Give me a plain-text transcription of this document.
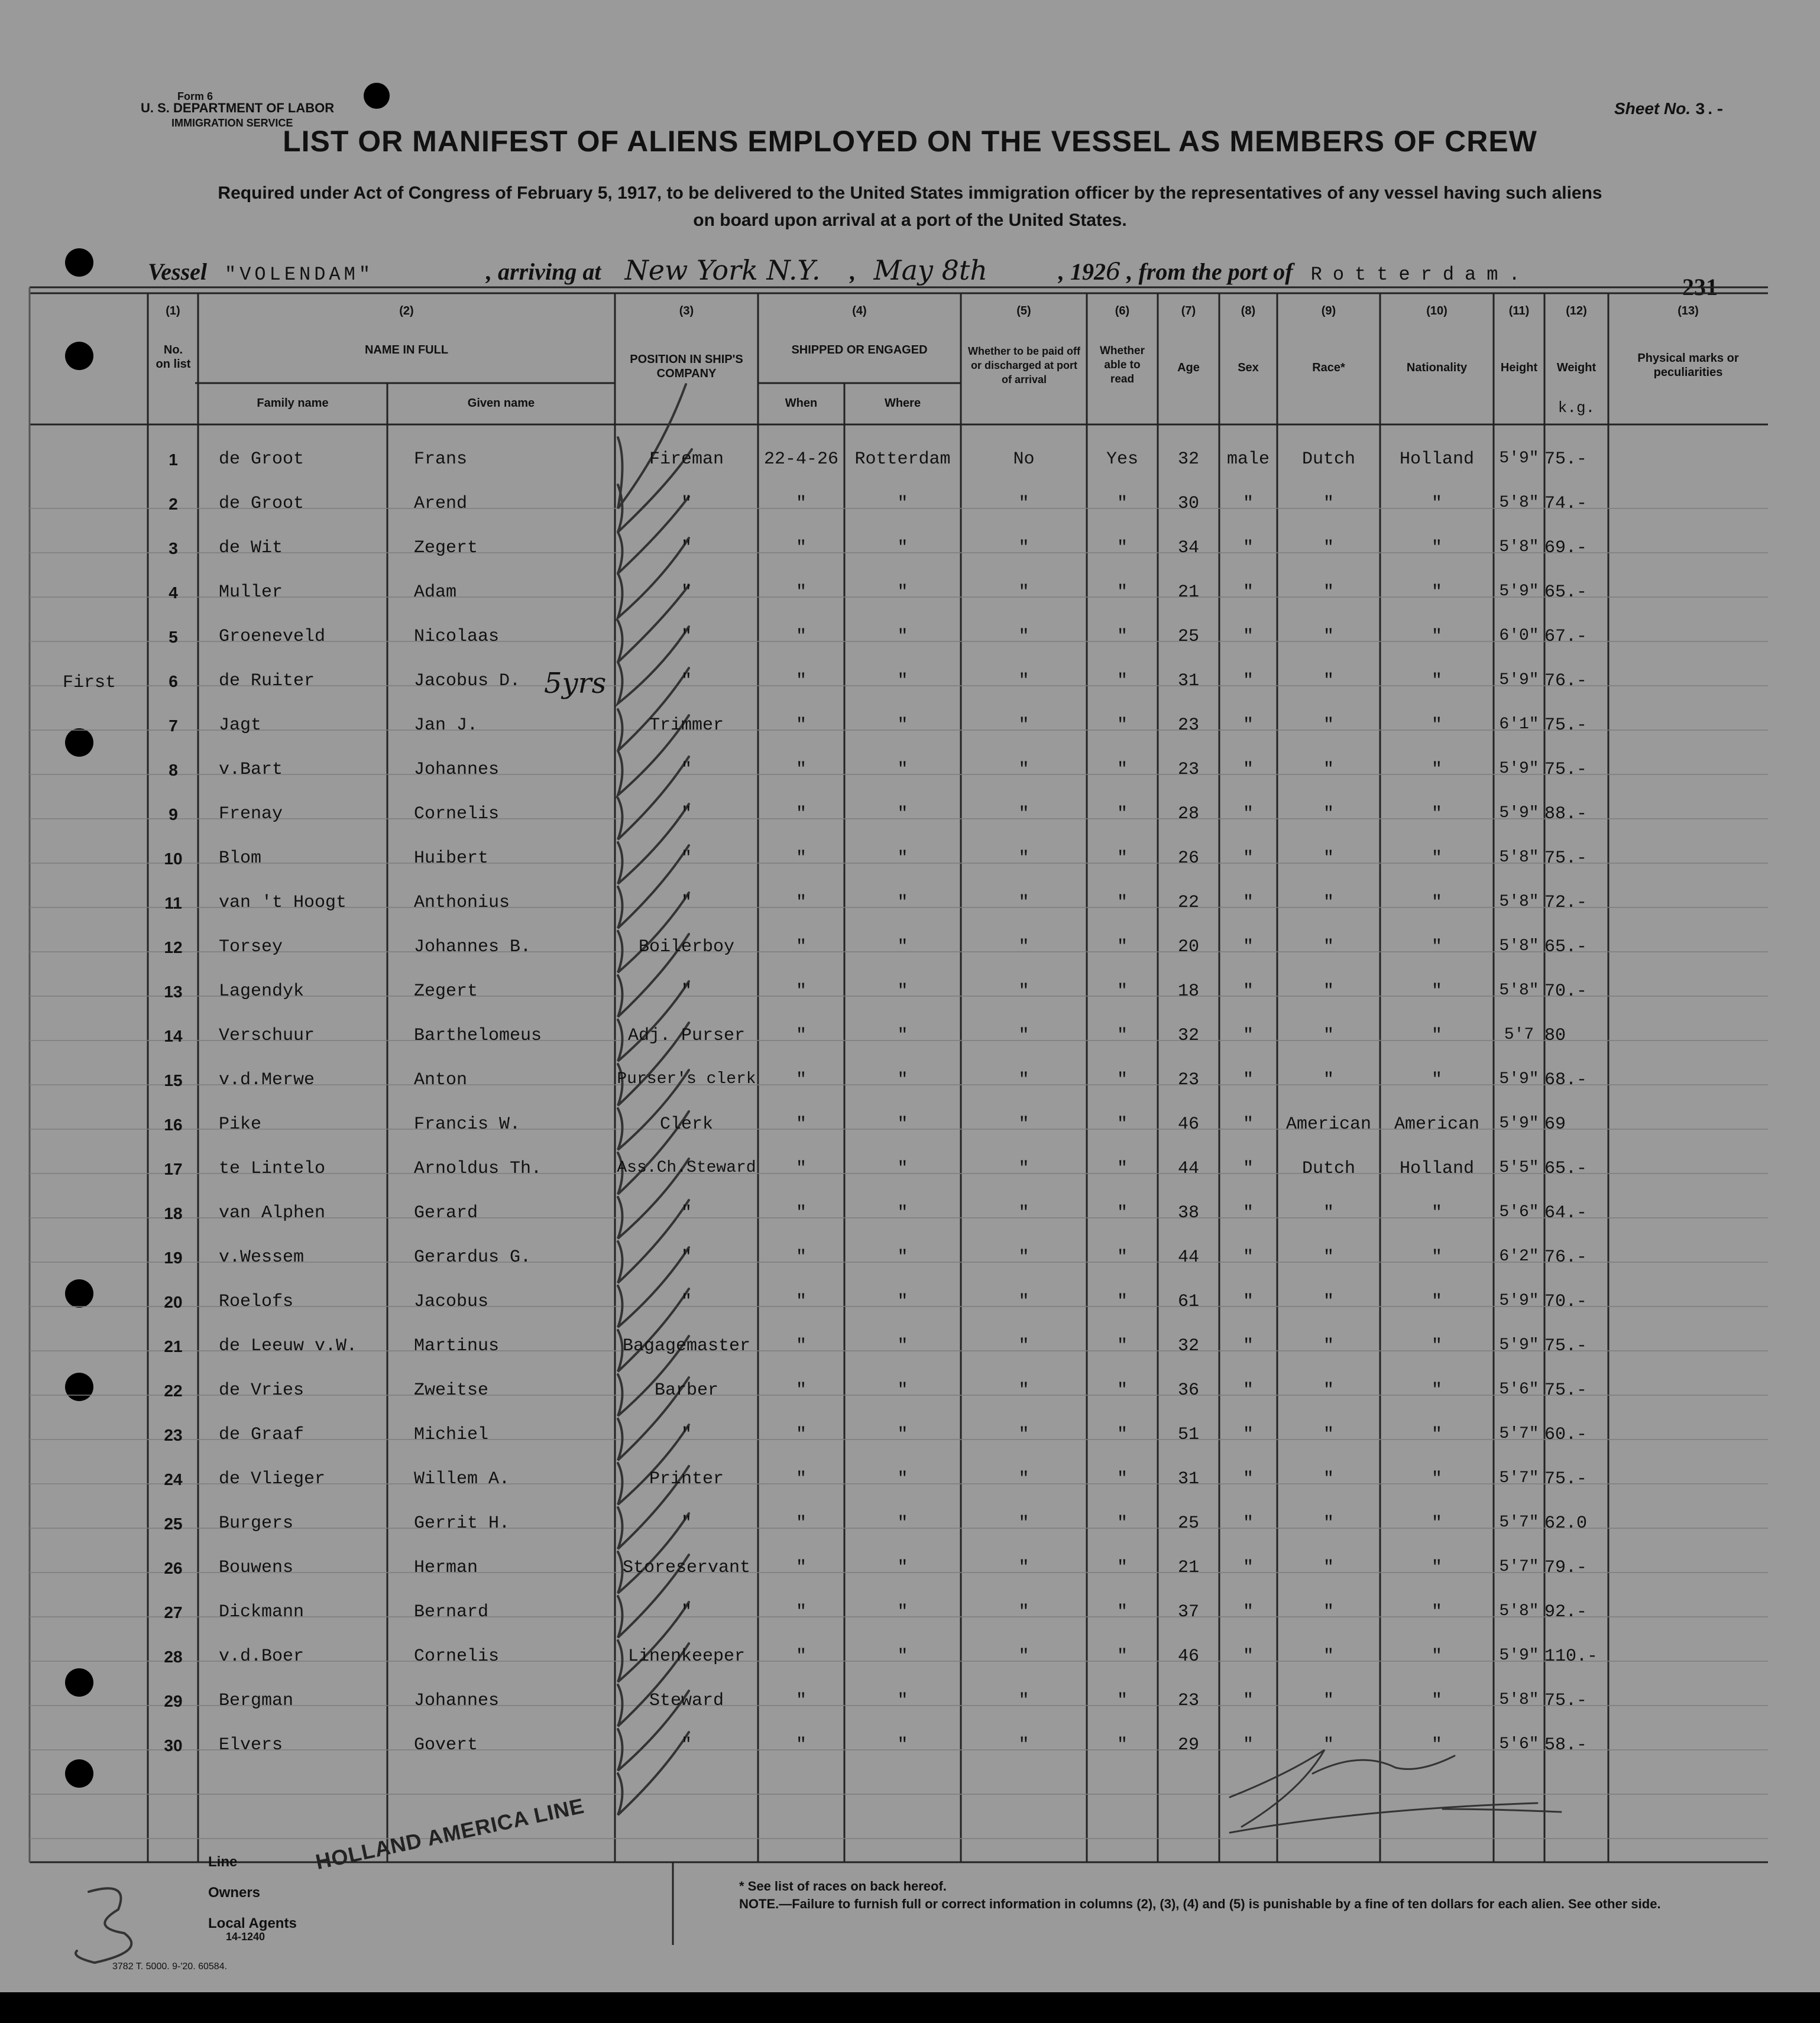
Form 6
U. S. DEPARTMENT OF LABOR
IMMIGRATION SERVICE
Sheet No. 3.-
LIST OR MANIFEST OF ALIENS EMPLOYED ON THE VESSEL AS MEMBERS OF CREW
Required under Act of Congress of February 5, 1917, to be delivered to the United States immigration officer by the representatives of any vessel having such aliens
on board upon arrival at a port of the United States.
231
Vessel "VOLENDAM"	, arriving at New York N.Y. , May 8th	, 1926 , from the port of Rotterdam.
(1)
No. on list
(2)
NAME IN FULL
Family name	Given name
(3)
POSITION IN SHIP'S COMPANY
(4)
SHIPPED OR ENGAGED
When	Where
(5)
Whether to be paid off or discharged at port of arrival
(6)
Whether able to read
(7)
Age
(8)
Sex
(9)
Race*
(10)
Nationality
(11)
Height
(12)
Weight
k.g.
(13)
Physical marks or peculiarities
First	5yrs
1	de Groot	Frans	Fireman	22-4-26 Rotterdam	No	Yes	32	male	Dutch	Holland	5'9" 75.-
2	de Groot	Arend	"	"	"	"	"	30	"	"	"	5'8" 74.-
3	de Wit	Zegert	"	"	"	"	"	34	"	"	"	5'8" 69.-
4	Muller	Adam	"	"	"	"	"	21	"	"	"	5'9" 65.-
5	Groeneveld	Nicolaas	"	"	"	"	"	25	"	"	"	6'0" 67.-
6	de Ruiter	Jacobus D.	"	"	"	"	"	31	"	"	"	5'9" 76.-
7	Jagt	Jan J.	Trimmer	"	"	"	"	23	"	"	"	6'1" 75.-
8	v.Bart	Johannes	"	"	"	"	"	23	"	"	"	5'9" 75.-
9	Frenay	Cornelis	"	"	"	"	"	28	"	"	"	5'9" 88.-
10	Blom	Huibert	"	"	"	"	"	26	"	"	"	5'8" 75.-
11	van 't Hoogt	Anthonius	"	"	"	"	"	22	"	"	"	5'8" 72.-
12	Torsey	Johannes B.	Boilerboy	"	"	"	"	20	"	"	"	5'8" 65.-
13	Lagendyk	Zegert	"	"	"	"	"	18	"	"	"	5'8" 70.-
14	Verschuur	Barthelomeus	Adj. Purser	"	"	"	"	32	"	"	"	5'7 80
15	v.d.Merwe	Anton	Purser's clerk	"	"	"	"	23	"	"	"	5'9" 68.-
16	Pike	Francis W.	Clerk	"	"	"	"	46	"	American	American	5'9" 69
17	te Lintelo	Arnoldus Th.	Ass.Ch.Steward	"	"	"	"	44	"	Dutch	Holland	5'5" 65.-
18	van Alphen	Gerard	"	"	"	"	"	38	"	"	"	5'6" 64.-
19	v.Wessem	Gerardus G.	"	"	"	"	"	44	"	"	"	6'2" 76.-
20	Roelofs	Jacobus	"	"	"	"	"	61	"	"	"	5'9" 70.-
21	de Leeuw v.W.	Martinus	Bagagemaster	"	"	"	"	32	"	"	"	5'9" 75.-
22	de Vries	Zweitse	Barber	"	"	"	"	36	"	"	"	5'6" 75.-
23	de Graaf	Michiel	"	"	"	"	"	51	"	"	"	5'7" 60.-
24	de Vlieger	Willem A.	Printer	"	"	"	"	31	"	"	"	5'7" 75.-
25	Burgers	Gerrit H.	"	"	"	"	"	25	"	"	"	5'7" 62.0
26	Bouwens	Herman	Storeservant	"	"	"	"	21	"	"	"	5'7" 79.-
27	Dickmann	Bernard	"	"	"	"	"	37	"	"	"	5'8" 92.-
28	v.d.Boer	Cornelis	Linenkeeper	"	"	"	"	46	"	"	"	5'9" 110.-
29	Bergman	Johannes	Steward	"	"	"	"	23	"	"	"	5'8" 75.-
30	Elvers	Govert	"	"	"	"	"	29	"	"	"	5'6" 58.-
Line
Owners
Local Agents
14-1240
HOLLAND AMERICA LINE
* See list of races on back hereof.
NOTE.—Failure to furnish full or correct information in columns (2), (3), (4) and (5) is punishable by a fine of ten dollars for each alien. See other side.
3782 T. 5000. 9-'20. 60584.
